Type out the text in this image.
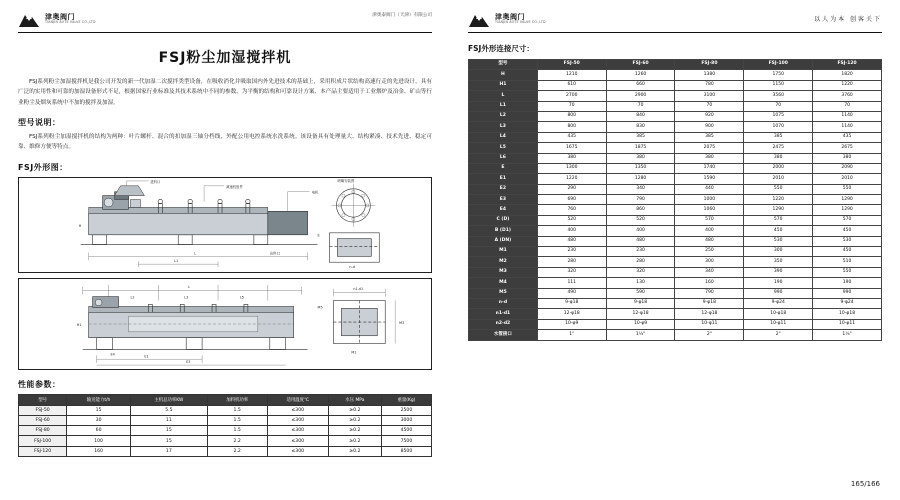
津奥阀门
TIANJIN AOTE VALVE CO.,LTD
津奥泰阀门（天津）有限公司
FSJ粉尘加湿搅拌机
FSJ系列粉尘加湿搅拌机是我公司开发的新一代加湿二次搅拌类型设备，在吸收消化并吸取国内外先进技术的基础上，采用积成片状结构高速行走的先进设计，具有广泛的实用性和可靠的加湿设备形式不足，根据国家行业标准及其技术系统中不同的参数、为平衡的结构和可靠设计方案、本产品主要适用于工业烟炉及冶金、矿山等行业粉尘及烟灰系统中不加的搅拌及加湿。
型号说明：
FSJ系列粉尘加湿搅拌机的结构为两种：叶片螺杆、混合的扣加湿三轴分档线，外配公用电控系统水洗系统。该设备具有处理量大、结构紧凑、技术先进、稳定可靠、维修方便等特点。
FSJ外形图：
进料口
减速机组件
电机
出料口
L
L1
H
喷嘴安装图
E
n-d
L
L2	L3	L5
E1
E3
H1
E4
n1-d1
M3
M1
M5
性能参数：
型号	输送能力t/h	主机总功率KW	加料机功率	适用温度℃	水压 MPa	重量(Kg)
FSJ-50	15	5.5	1.5	≤300	≥0.2	2500
FSJ-60	30	11	1.5	≤300	≥0.2	3000
FSJ-80	60	15	1.5	≤300	≥0.2	4500
FSJ-100	100	15	2.2	≤300	≥0.2	7500
FSJ-120	160	17	2.2	≤300	≥0.2	8500
津奥阀门
TIANJIN AOTE VALVE CO.,LTD	以人为本 创客关下
FSJ外形连接尺寸：
型号	FSJ-50	FSJ-60	FSJ-80	FSJ-100	FSJ-120
H	1210	1260	1380	1750	1820
H1	610	660	780	1150	1220
L	2700	2900	3100	3560	3760
L1	70	70	70	70	70
L2	800	840	920	1075	1140
L3	800	830	900	1070	1140
L4	435	385	385	385	435
L5	1675	1875	2075	2475	2675
L6	380	380	380	380	380
E	1300	1350	1740	2000	2090
E1	1220	1280	1590	2010	2010
E2	290	340	440	550	550
E3	690	790	1000	1220	1290
E4	760	860	1060	1290	1290
C (D)	520	520	570	570	570
B (D1)	400	400	400	450	450
A (DN)	480	480	480	530	530
M1	230	230	250	300	450
M2	280	280	300	350	510
M3	320	320	340	390	550
M4	111	130	160	190	190
M5	490	590	790	990	990
n-d	9-φ18	9-φ18	9-φ18	9-φ24	9-φ24
n1-d1	12-φ18	12-φ18	12-φ18	10-φ18	10-φ18
n2-d2	10-φ9	10-φ9	10-φ11	10-φ11	10-φ11
水管接口	1"	1¼"	2"	2"	1¼"
165/166
